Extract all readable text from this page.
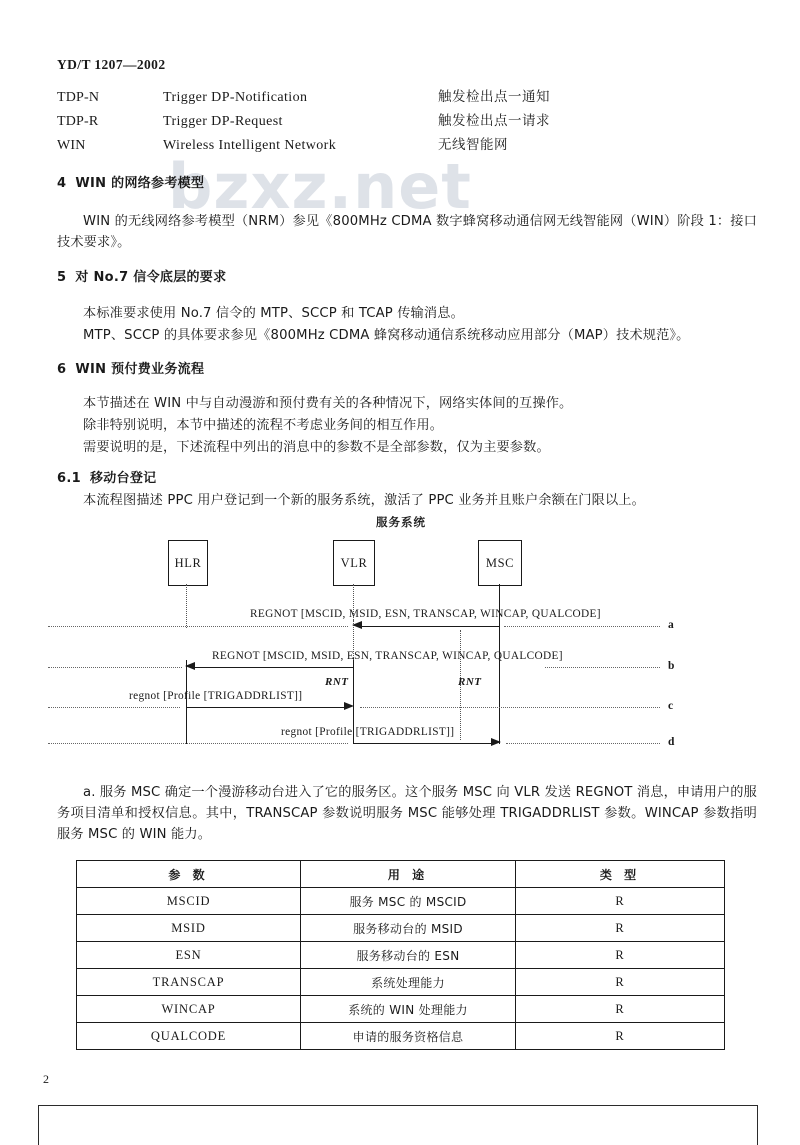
bzxz.net
YD/T 1207—2002
TDP-N	Trigger DP-Notification	触发检出点一通知
TDP-R	Trigger DP-Request	触发检出点一请求
WIN	Wireless Intelligent Network	无线智能网
4 WIN 的网络参考模型
WIN 的无线网络参考模型（NRM）参见《800MHz CDMA 数字蜂窝移动通信网无线智能网（WIN）阶段 1：接口技术要求》。
5 对 No.7 信令底层的要求
本标准要求使用 No.7 信令的 MTP、SCCP 和 TCAP 传输消息。
MTP、SCCP 的具体要求参见《800MHz CDMA 蜂窝移动通信系统移动应用部分（MAP）技术规范》。
6 WIN 预付费业务流程
本节描述在 WIN 中与自动漫游和预付费有关的各种情况下，网络实体间的互操作。
除非特别说明，本节中描述的流程不考虑业务间的相互作用。
需要说明的是，下述流程中列出的消息中的参数不是全部参数，仅为主要参数。
6.1 移动台登记
本流程图描述 PPC 用户登记到一个新的服务系统，激活了 PPC 业务并且账户余额在门限以上。
服务系统
HLR	VLR	MSC
REGNOT [MSCID, MSID, ESN, TRANSCAP, WINCAP, QUALCODE]
a
REGNOT [MSCID, MSID, ESN, TRANSCAP, WINCAP, QUALCODE]
b
RNT	RNT
regnot [Profile [TRIGADDRLIST]]
c
regnot [Profile [TRIGADDRLIST]]
d
a. 服务 MSC 确定一个漫游移动台进入了它的服务区。这个服务 MSC 向 VLR 发送 REGNOT 消息，申请用户的服务项目清单和授权信息。其中，TRANSCAP 参数说明服务 MSC 能够处理 TRIGADDRLIST 参数。WINCAP 参数指明服务 MSC 的 WIN 能力。
参 数	用 途	类 型
MSCID	服务 MSC 的 MSCID	R
MSID	服务移动台的 MSID	R
ESN	服务移动台的 ESN	R
TRANSCAP	系统处理能力	R
WINCAP	系统的 WIN 处理能力	R
QUALCODE	申请的服务资格信息	R
2
